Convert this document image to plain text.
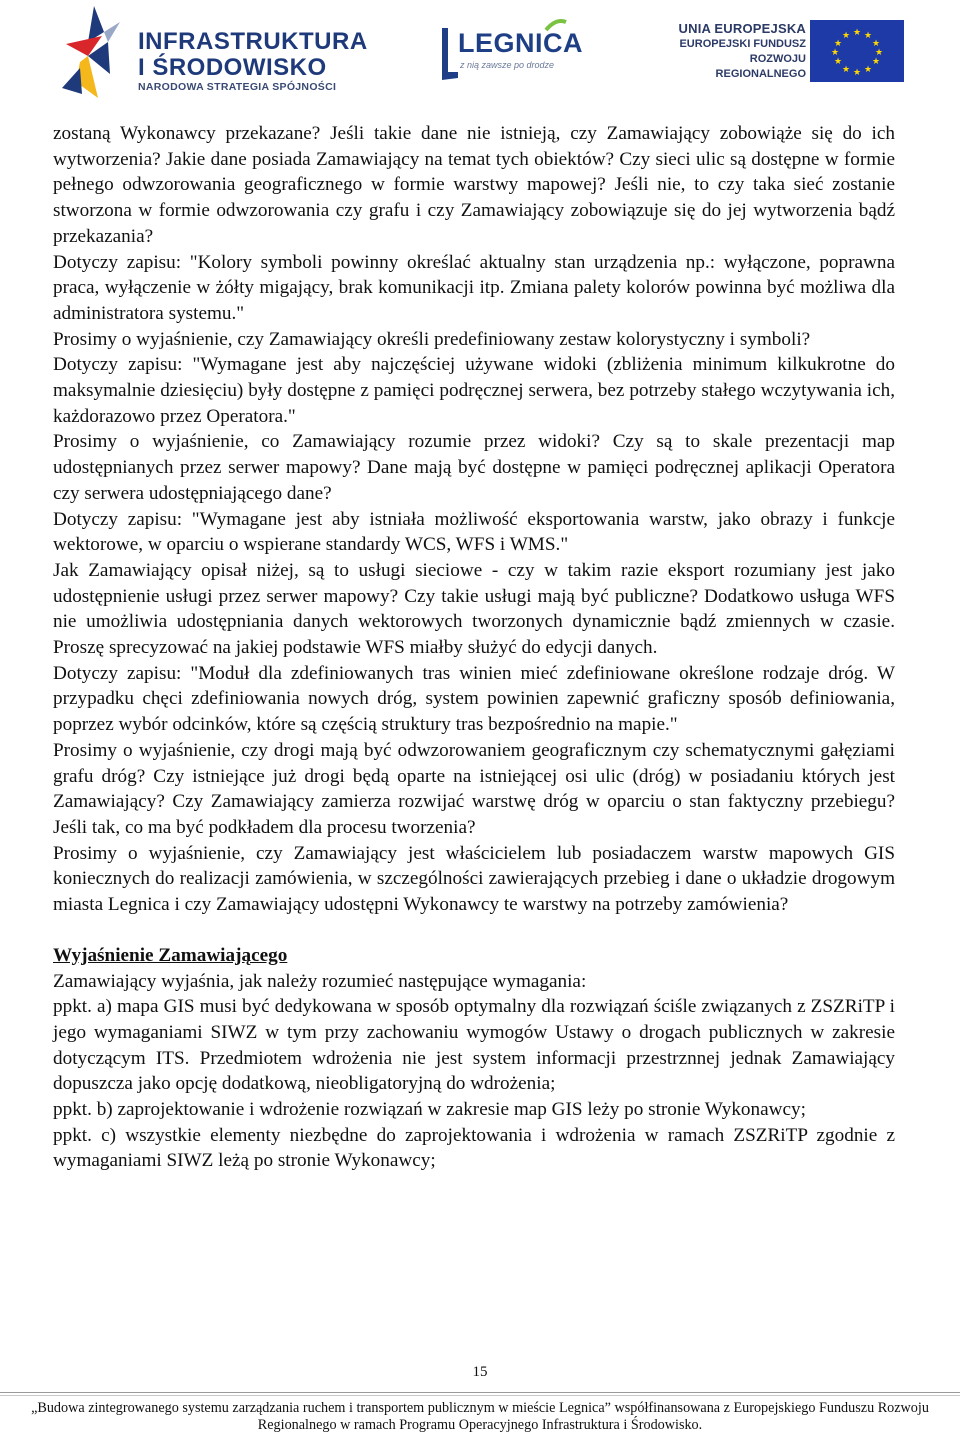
INFRASTRUKTURA
I ŚRODOWISKO
NARODOWA STRATEGIA SPÓJNOŚCI
LEGNICA
z nią zawsze po drodze
UNIA EUROPEJSKA
EUROPEJSKI FUNDUSZ
ROZWOJU REGIONALNEGO
★ ★
★
★
★
★
★
★
★
★
★
★

zostaną Wykonawcy przekazane? Jeśli takie dane nie istnieją, czy Zamawiający zobowiąże się do ich wytworzenia? Jakie dane posiada Zamawiający na temat tych obiektów? Czy sieci ulic są dostępne w formie pełnego odwzorowania geograficznego w formie warstwy mapowej? Jeśli nie, to czy taka sieć zostanie stworzona w formie odwzorowania czy grafu i czy Zamawiający zobowiązuje się do jej wytworzenia bądź przekazania?

Dotyczy zapisu: "Kolory symboli powinny określać aktualny stan urządzenia np.: wyłączone, poprawna praca, wyłączenie w żółty migający, brak komunikacji itp. Zmiana palety kolorów powinna być możliwa dla administratora systemu."

Prosimy o wyjaśnienie, czy Zamawiający określi predefiniowany zestaw kolorystyczny i symboli?

Dotyczy zapisu: "Wymagane jest aby najczęściej używane widoki (zbliżenia minimum kilkukrotne do maksymalnie dziesięciu) były dostępne z pamięci podręcznej serwera, bez potrzeby stałego wczytywania ich, każdorazowo przez Operatora."

Prosimy o wyjaśnienie, co Zamawiający rozumie przez widoki? Czy są to skale prezentacji map udostępnianych przez serwer mapowy? Dane mają być dostępne w pamięci podręcznej aplikacji Operatora czy serwera udostępniającego dane?

Dotyczy zapisu: "Wymagane jest aby istniała możliwość eksportowania warstw, jako obrazy i funkcje wektorowe, w oparciu o wspierane standardy WCS, WFS i WMS."

Jak Zamawiający opisał niżej, są to usługi sieciowe - czy w takim razie eksport rozumiany jest jako udostępnienie usługi przez serwer mapowy? Czy takie usługi mają być publiczne? Dodatkowo usługa WFS nie umożliwia udostępniania danych wektorowych tworzonych dynamicznie bądź zmiennych w czasie. Proszę sprecyzować na jakiej podstawie WFS miałby służyć do edycji danych.

Dotyczy zapisu: "Moduł dla zdefiniowanych tras winien mieć zdefiniowane określone rodzaje dróg. W przypadku chęci zdefiniowania nowych dróg, system powinien zapewnić graficzny sposób definiowania, poprzez wybór odcinków, które są częścią struktury tras bezpośrednio na mapie."

Prosimy o wyjaśnienie, czy drogi mają być odwzorowaniem geograficznym czy schematycznymi gałęziami grafu dróg? Czy istniejące już drogi będą oparte na istniejącej osi ulic (dróg) w posiadaniu których jest Zamawiający? Czy Zamawiający zamierza rozwijać warstwę dróg w oparciu o stan faktyczny przebiegu? Jeśli tak, co ma być podkładem dla procesu tworzenia?

Prosimy o wyjaśnienie, czy Zamawiający jest właścicielem lub posiadaczem warstw mapowych GIS koniecznych do realizacji zamówienia, w szczególności zawierających przebieg i dane o układzie drogowym miasta Legnica i czy Zamawiający udostępni Wykonawcy te warstwy na potrzeby zamówienia?

Wyjaśnienie Zamawiającego

Zamawiający wyjaśnia, jak należy rozumieć następujące wymagania:

ppkt. a) mapa GIS musi być dedykowana w sposób optymalny dla rozwiązań ściśle związanych z ZSZRiTP i jego wymaganiami SIWZ w tym przy zachowaniu wymogów Ustawy o drogach publicznych w zakresie dotyczącym ITS. Przedmiotem wdrożenia nie jest system informacji przestrznnej jednak Zamawiający dopuszcza jako opcję dodatkową, nieobligatoryjną do wdrożenia;

ppkt. b) zaprojektowanie i wdrożenie rozwiązań w zakresie map GIS leży po stronie Wykonawcy;

ppkt. c) wszystkie elementy niezbędne do zaprojektowania i wdrożenia w ramach ZSZRiTP zgodnie z wymaganiami SIWZ leżą po stronie Wykonawcy;

15
„Budowa zintegrowanego systemu zarządzania ruchem i transportem publicznym w mieście Legnica” współfinansowana z Europejskiego Funduszu Rozwoju
Regionalnego w ramach Programu Operacyjnego Infrastruktura i Środowisko.
